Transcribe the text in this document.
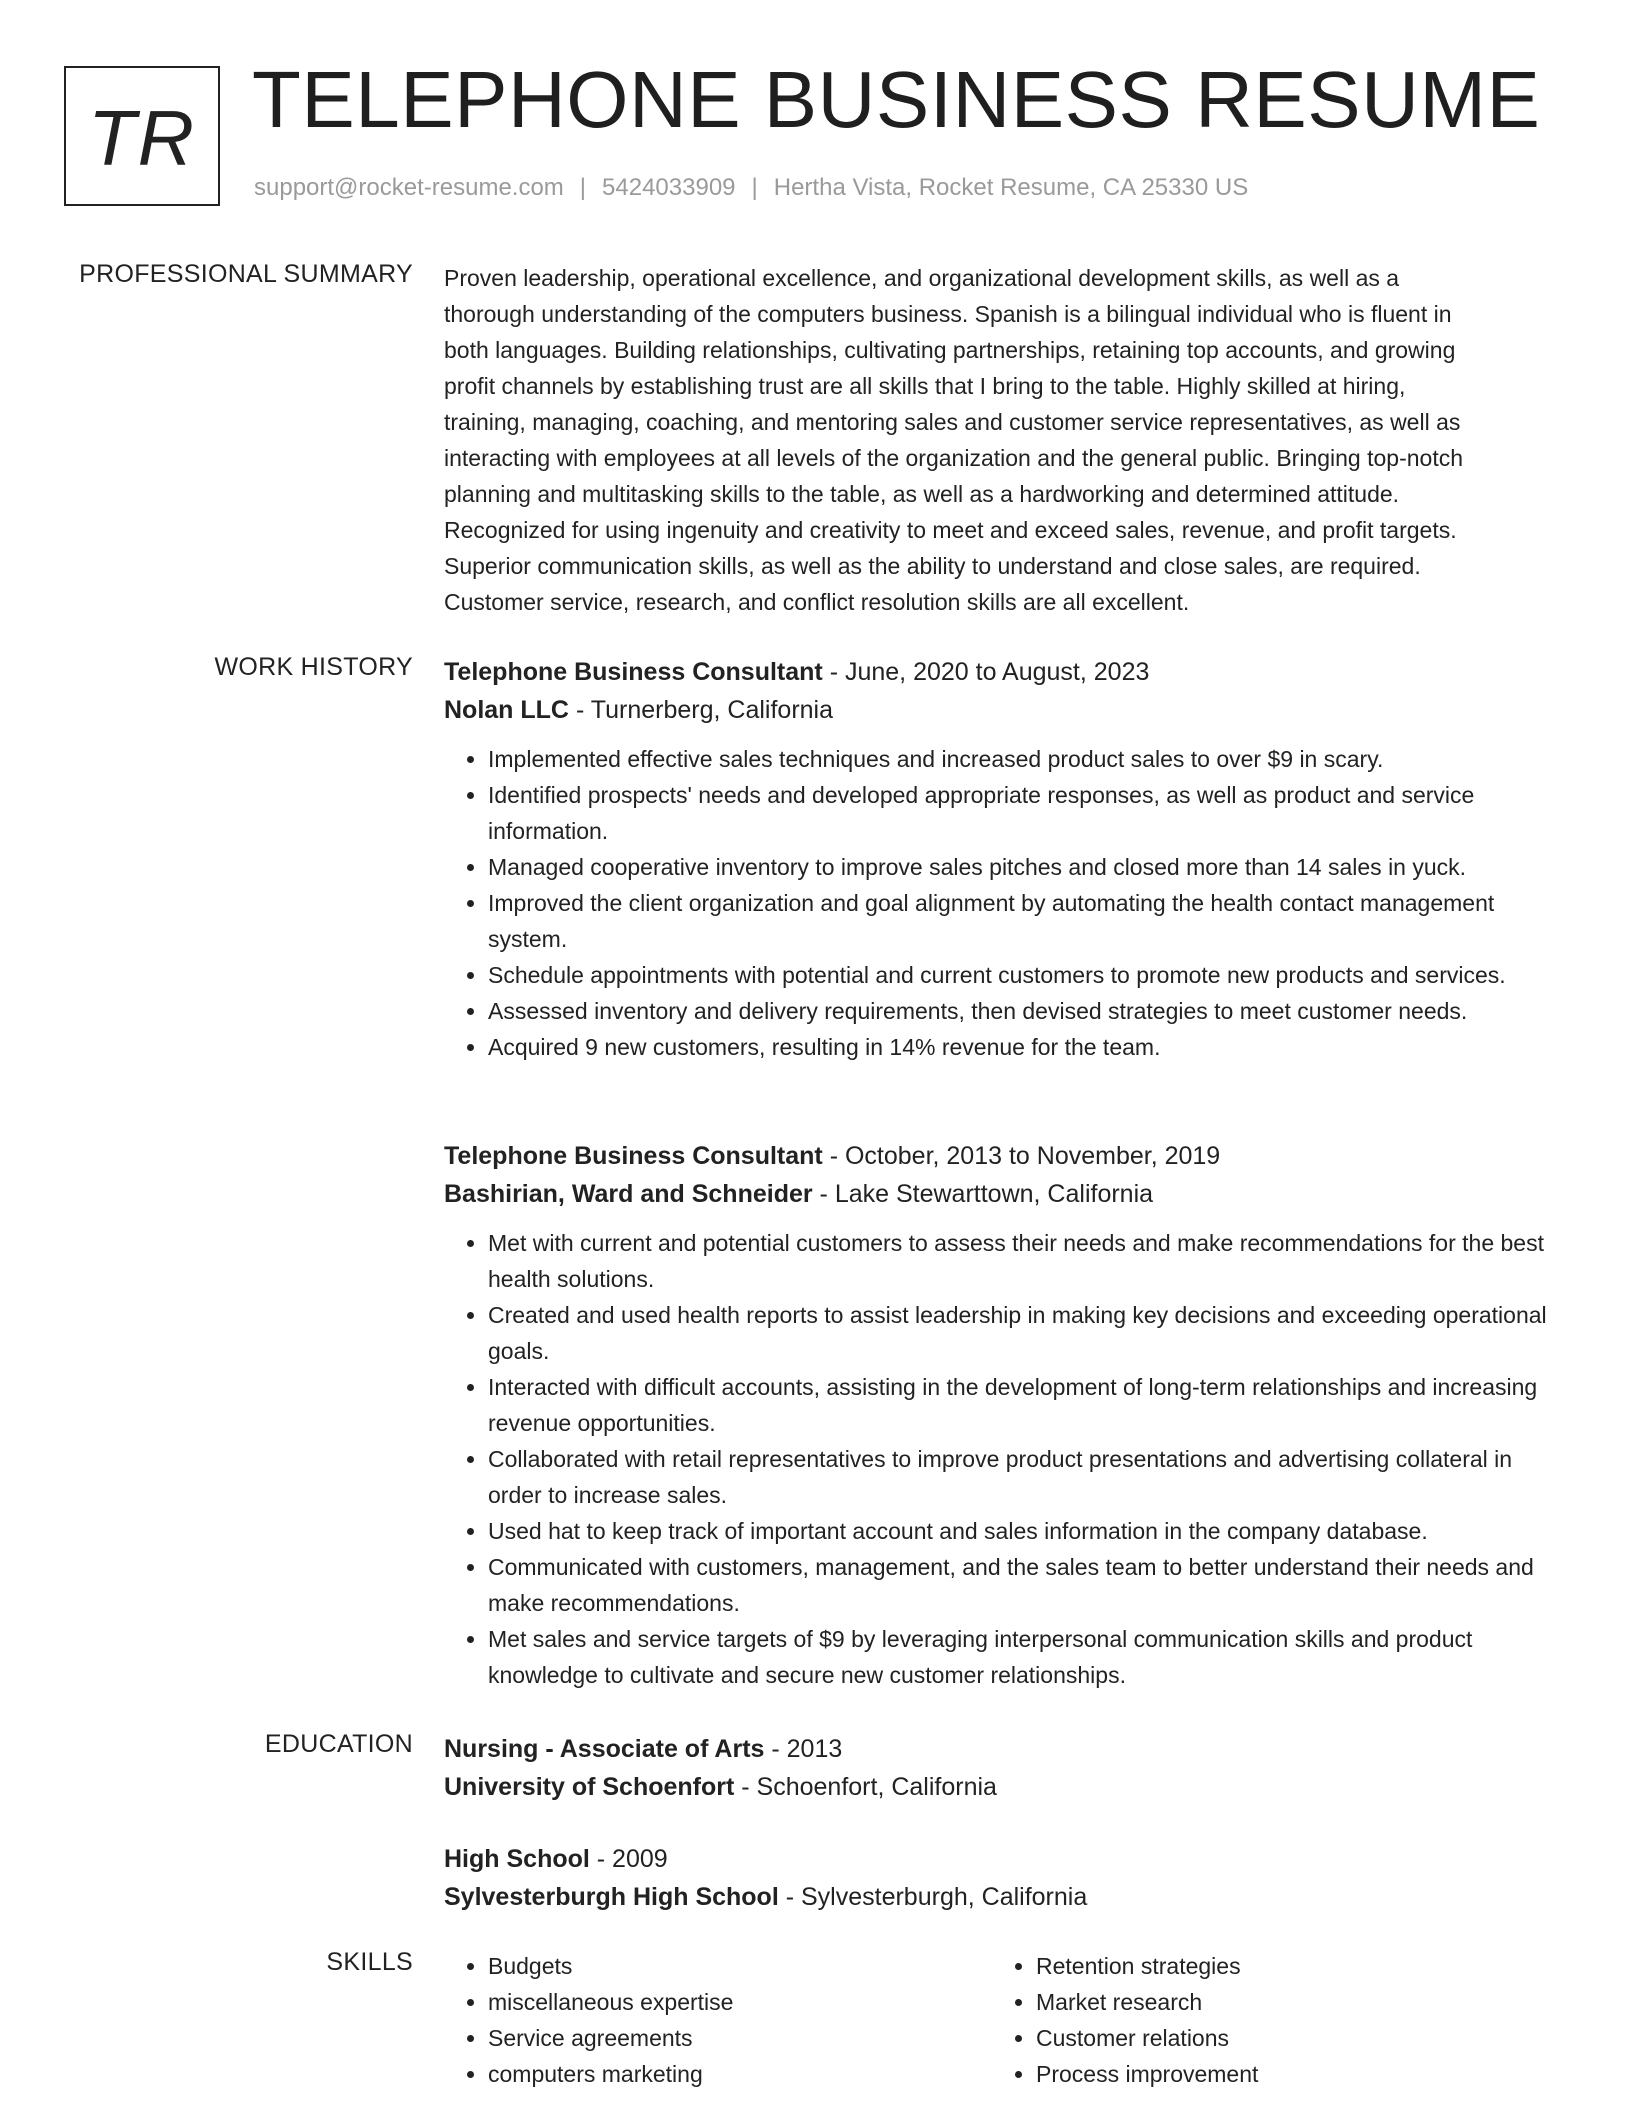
TR TELEPHONE BUSINESS RESUME
support@rocket-resume.com | 5424033909 | Hertha Vista, Rocket Resume, CA 25330 US
PROFESSIONAL SUMMARY Proven leadership, operational excellence, and organizational development skills, as well as a
thorough understanding of the computers business. Spanish is a bilingual individual who is fluent in
both languages. Building relationships, cultivating partnerships, retaining top accounts, and growing
profit channels by establishing trust are all skills that I bring to the table. Highly skilled at hiring,
training, managing, coaching, and mentoring sales and customer service representatives, as well as
interacting with employees at all levels of the organization and the general public. Bringing top-notch
planning and multitasking skills to the table, as well as a hardworking and determined attitude.
Recognized for using ingenuity and creativity to meet and exceed sales, revenue, and profit targets.
Superior communication skills, as well as the ability to understand and close sales, are required.
Customer service, research, and conflict resolution skills are all excellent.
WORK HISTORY Telephone Business Consultant - June, 2020 to August, 2023
Nolan LLC - Turnerberg, California
• Implemented effective sales techniques and increased product sales to over $9 in scary.
• Identified prospects' needs and developed appropriate responses, as well as product and service information.
• Managed cooperative inventory to improve sales pitches and closed more than 14 sales in yuck.
• Improved the client organization and goal alignment by automating the health contact management system.
• Schedule appointments with potential and current customers to promote new products and services.
• Assessed inventory and delivery requirements, then devised strategies to meet customer needs.
• Acquired 9 new customers, resulting in 14% revenue for the team.
Telephone Business Consultant - October, 2013 to November, 2019
Bashirian, Ward and Schneider - Lake Stewarttown, California
• Met with current and potential customers to assess their needs and make recommendations for the best health solutions.
• Created and used health reports to assist leadership in making key decisions and exceeding operational goals.
• Interacted with difficult accounts, assisting in the development of long-term relationships and increasing revenue opportunities.
• Collaborated with retail representatives to improve product presentations and advertising collateral in order to increase sales.
• Used hat to keep track of important account and sales information in the company database.
• Communicated with customers, management, and the sales team to better understand their needs and make recommendations.
• Met sales and service targets of $9 by leveraging interpersonal communication skills and product knowledge to cultivate and secure new customer relationships.
EDUCATION Nursing - Associate of Arts - 2013
University of Schoenfort - Schoenfort, California
High School - 2009
Sylvesterburgh High School - Sylvesterburgh, California
SKILLS
•	Budgets
• miscellaneous expertise
• Service agreements
• computers marketing
• Retention strategies
• Market research
• Customer relations
• Process improvement
